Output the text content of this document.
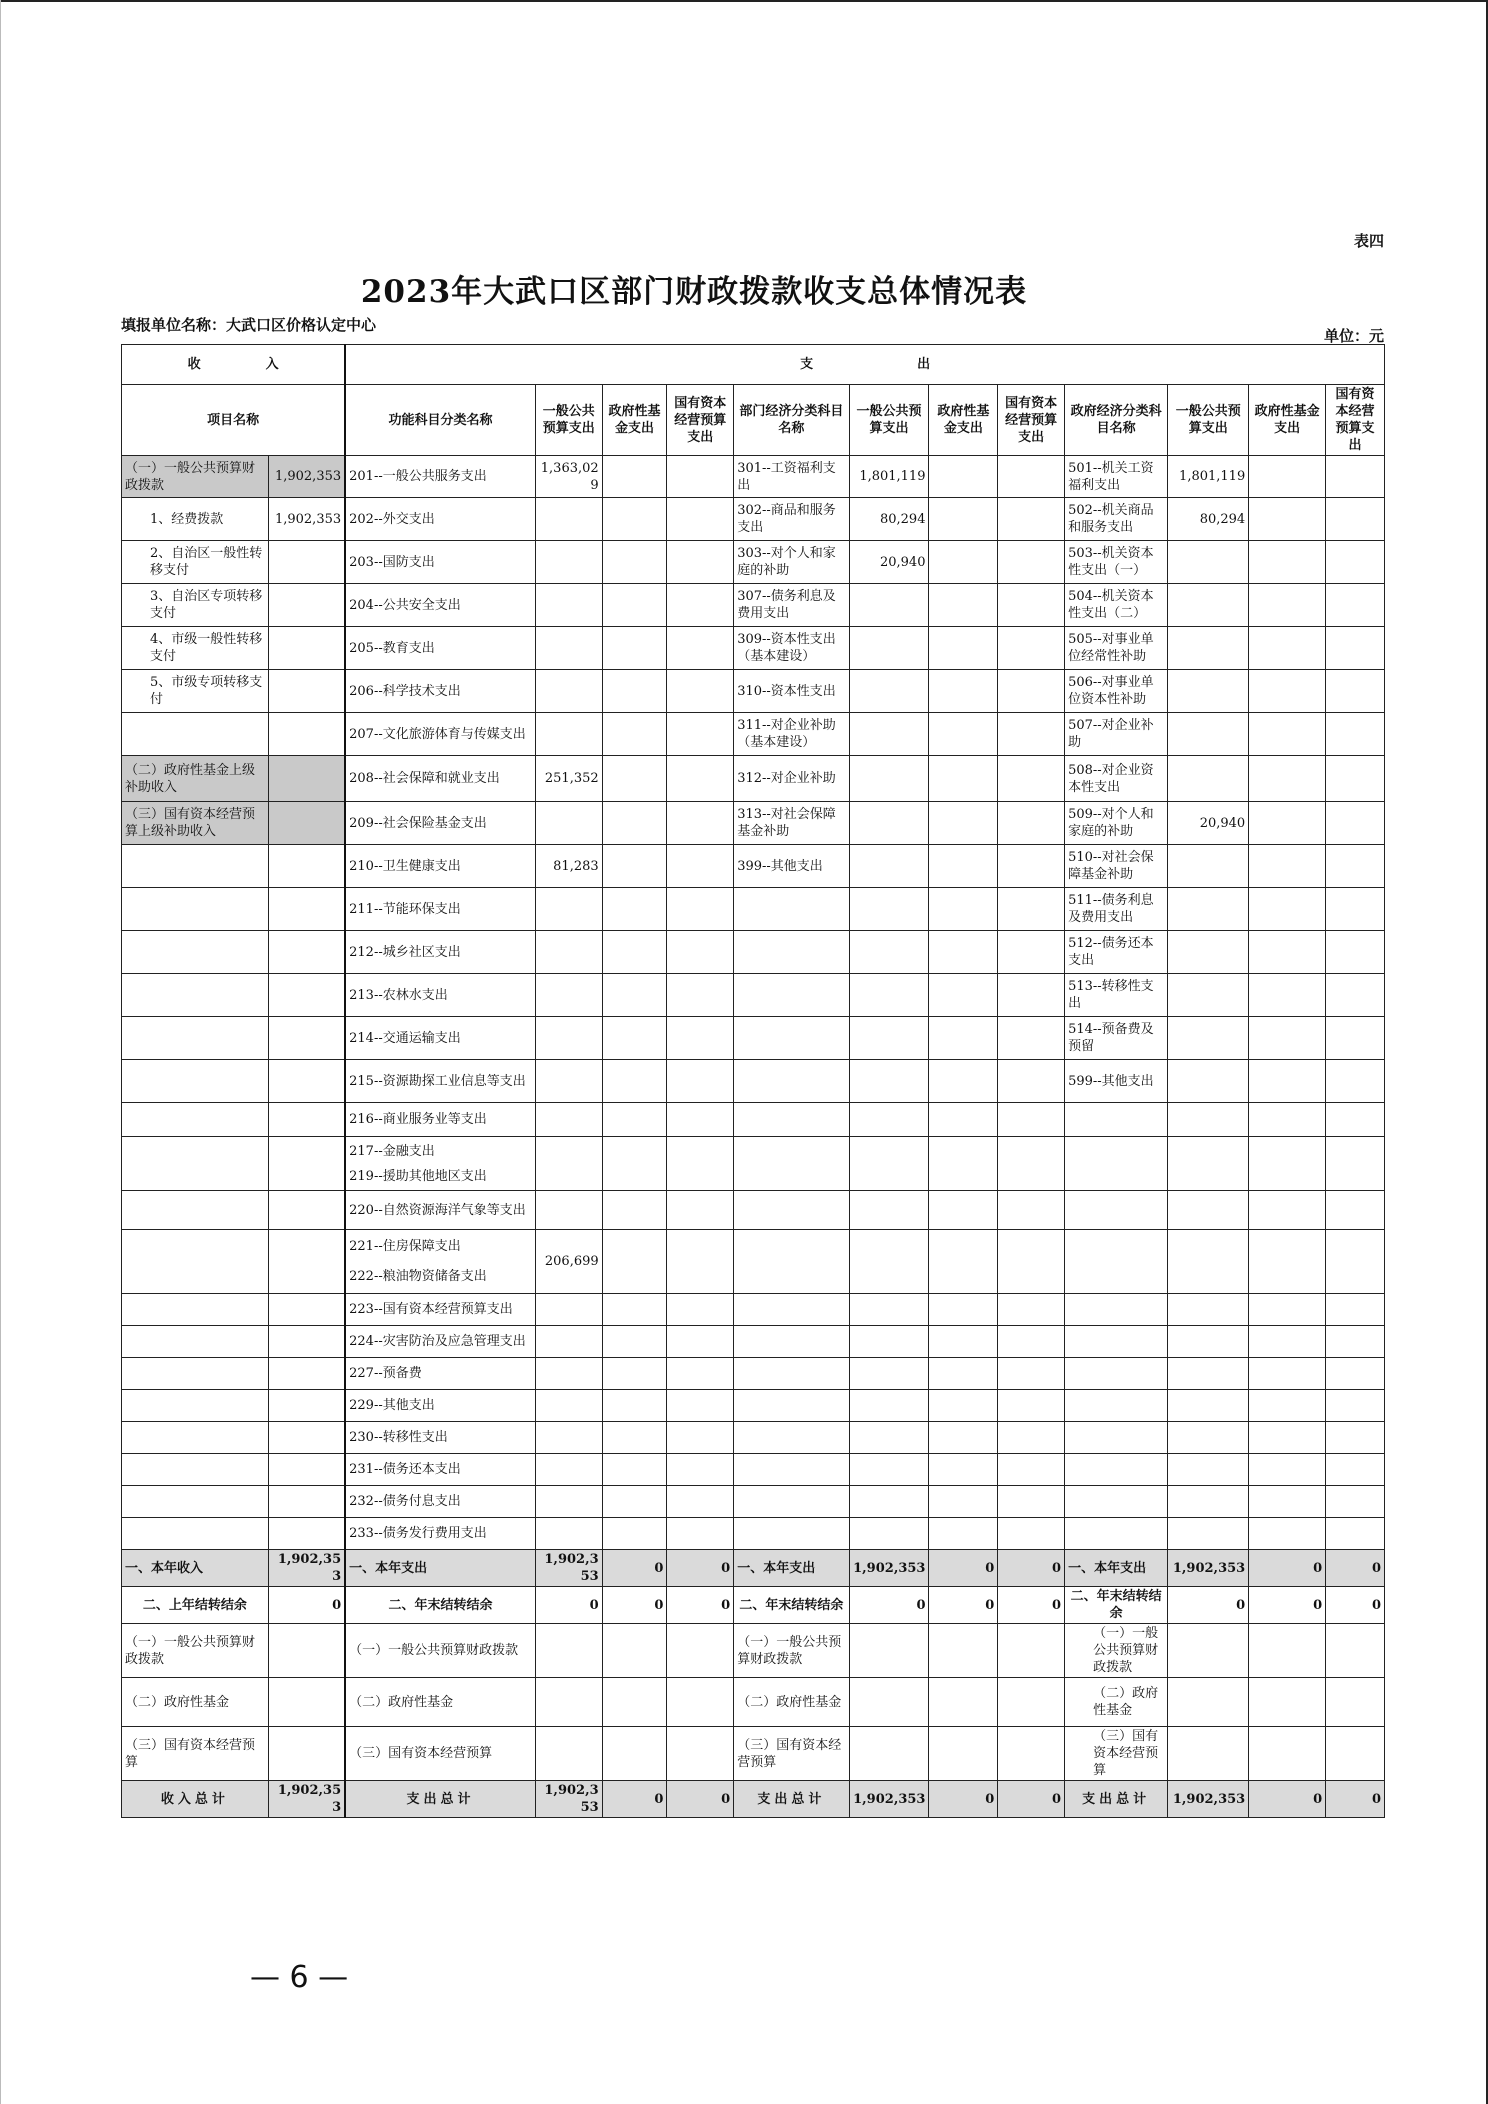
表四
2023年大武口区部门财政拨款收支总体情况表
填报单位名称：大武口区价格认定中心
单位：元
收　　　　　入		支　　　　　　　　出											
项目名称		功能科目分类名称	一般公共预算支出	政府性基金支出	国有资本经营预算支出	部门经济分类科目名称	一般公共预算支出	政府性基金支出	国有资本经营预算支出	政府经济分类科目名称	一般公共预算支出	政府性基金支出	国有资本经营预算支出
（一）一般公共预算财政拨款	1,902,353	201--一般公共服务支出	1,363,029			301--工资福利支出	1,801,119			501--机关工资福利支出	1,801,119		
1、经费拨款	1,902,353	202--外交支出				302--商品和服务支出	80,294			502--机关商品和服务支出	80,294		
2、自治区一般性转移支付		203--国防支出				303--对个人和家庭的补助	20,940			503--机关资本性支出（一）			
3、自治区专项转移支付		204--公共安全支出				307--债务利息及费用支出				504--机关资本性支出（二）			
4、市级一般性转移支付		205--教育支出				309--资本性支出（基本建设）				505--对事业单位经常性补助			
5、市级专项转移支付		206--科学技术支出				310--资本性支出				506--对事业单位资本性补助			
		207--文化旅游体育与传媒支出				311--对企业补助（基本建设）				507--对企业补助			
（二）政府性基金上级补助收入		208--社会保障和就业支出	251,352			312--对企业补助				508--对企业资本性支出			
（三）国有资本经营预算上级补助收入		209--社会保险基金支出				313--对社会保障基金补助				509--对个人和家庭的补助	20,940		
		210--卫生健康支出	81,283			399--其他支出				510--对社会保障基金补助			
		211--节能环保支出								511--债务利息及费用支出			
		212--城乡社区支出								512--债务还本支出			
		213--农林水支出								513--转移性支出			
		214--交通运输支出								514--预备费及预留			
		215--资源勘探工业信息等支出								599--其他支出			
		216--商业服务业等支出											

		217--金融支出
219--援助其他地区支出											

		220--自然资源海洋气象等支出											

		221--住房保障支出
222--粮油物资储备支出	206,699										
		223--国有资本经营预算支出											
		224--灾害防治及应急管理支出											
		227--预备费											
		229--其他支出											
		230--转移性支出											
		231--债务还本支出											
		232--债务付息支出											
		233--债务发行费用支出											
一、本年收入	1,902,353	一、本年支出	1,902,353	0	0	一、本年支出	1,902,353	0	0	一、本年支出	1,902,353	0	0
二、上年结转结余	0	二、年末结转结余	0	0	0	二、年末结转结余	0	0	0	二、年末结转结余	0	0	0
（一）一般公共预算财政拨款		（一）一般公共预算财政拨款				（一）一般公共预算财政拨款				（一）一般公共预算财政拨款			
（二）政府性基金		（二）政府性基金				（二）政府性基金				（二）政府性基金			
（三）国有资本经营预算		（三）国有资本经营预算				（三）国有资本经营预算				（三）国有资本经营预算			
收入总计	1,902,353	支出总计	1,902,353	0	0	支出总计	1,902,353	0	0	支出总计	1,902,353	0	0
— 6 —
